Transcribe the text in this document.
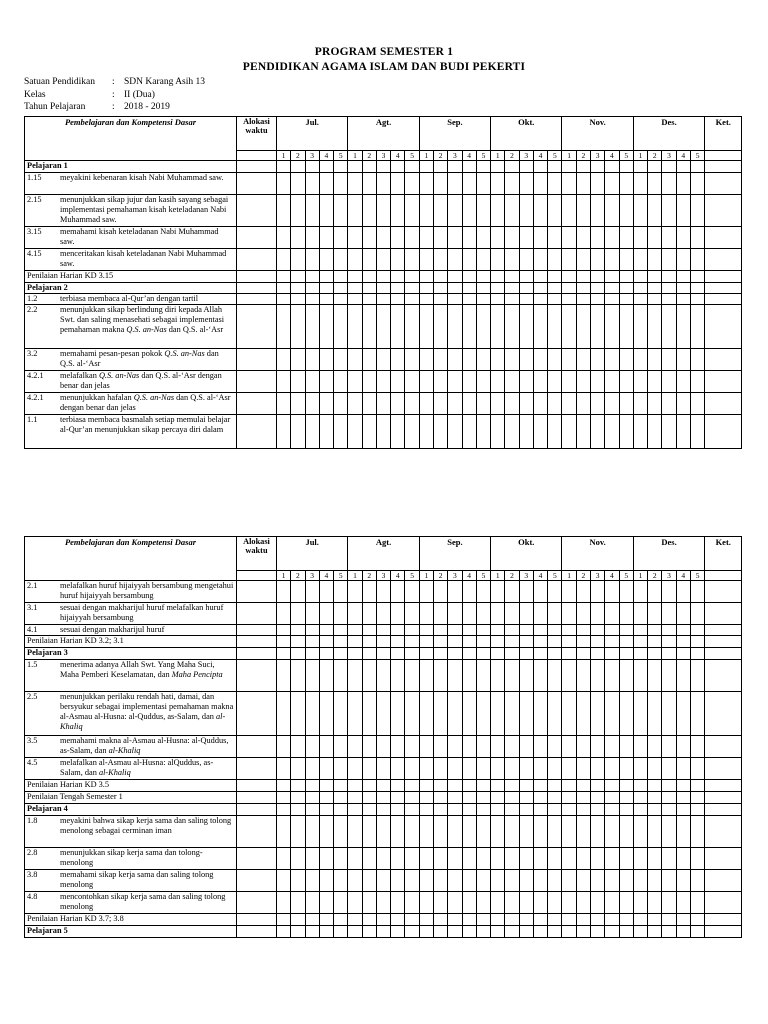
PROGRAM SEMESTER 1
PENDIDIKAN AGAMA ISLAM DAN BUDI PEKERTI
Satuan Pendidikan	: SDN Karang Asih 13
Kelas	: II (Dua)
Tahun Pelajaran	: 2018 - 2019
Pembelajaran dan Kompetensi Dasar	Alokasi waktu	Jul.					Agt.					Sep.					Okt.					Nov.					Des.					Ket.
		1	2	3	4	5	1	2	3	4	5	1	2	3	4	5	1	2	3	4	5	1	2	3	4	5	1	2	3	4	5	
Pelajaran 1																																

1.15 meyakini kebenaran kisah Nabi Muhammad saw.																																

2.15 menunjukkan sikap jujur dan kasih sayang sebagai implementasi pemahaman kisah keteladanan Nabi Muhammad saw.																																

3.15 memahami kisah keteladanan Nabi Muhammad saw.																																

4.15 menceritakan kisah keteladanan Nabi Muhammad saw.																																

Penilaian Harian KD 3.15																																
Pelajaran 2																																

1.2 terbiasa membaca al-Qur’an dengan tartil																																

2.2 menunjukkan sikap berlindung diri kepada Allah Swt. dan saling menasehati sebagai implementasi pemahaman makna Q.S. an-Nas dan Q.S. al-‘Asr																																

3.2 memahami pesan-pesan pokok Q.S. an-Nas dan Q.S. al-‘Asr																																

4.2.1 melafalkan Q.S. an-Nas dan Q.S. al-‘Asr dengan benar dan jelas																																

4.2.1 menunjukkan hafalan Q.S. an-Nas dan Q.S. al-‘Asr dengan benar dan jelas																																

1.1 terbiasa membaca basmalah setiap memulai belajar al-Qur’an menunjukkan sikap percaya diri dalam																																

Pembelajaran dan Kompetensi Dasar	Alokasi waktu	Jul.					Agt.					Sep.					Okt.					Nov.					Des.					Ket.
		1	2	3	4	5	1	2	3	4	5	1	2	3	4	5	1	2	3	4	5	1	2	3	4	5	1	2	3	4	5	

2.1 melafalkan huruf hijaiyyah bersambung mengetahui huruf hijaiyyah bersambung																																

3.1 sesuai dengan makharijul huruf melafalkan huruf hijaiyyah bersambung																																

4.1 sesuai dengan makharijul huruf																																

Penilaian Harian KD 3.2; 3.1																																
Pelajaran 3																																

1.5 menerima adanya Allah Swt. Yang Maha Suci, Maha Pemberi Keselamatan, dan Maha Pencipta																																

2.5 menunjukkan perilaku rendah hati, damai, dan bersyukur sebagai implementasi pemahaman makna al-Asmau al-Husna: al-Quddus, as-Salam, dan al-Khaliq																																

3.5 memahami makna al-Asmau al-Husna: al-Quddus, as-Salam, dan al-Khaliq																																

4.5 melafalkan al-Asmau al-Husna: alQuddus, as-Salam, dan al-Khaliq																																

Penilaian Harian KD 3.5																																
Penilaian Tengah Semester 1																																
Pelajaran 4																																

1.8 meyakini bahwa sikap kerja sama dan saling tolong menolong sebagai cerminan iman																																

2.8 menunjukkan sikap kerja sama dan tolong-menolong																																

3.8 memahami sikap kerja sama dan saling tolong menolong																																

4.8 mencontohkan sikap kerja sama dan saling tolong menolong																																

Penilaian Harian KD 3.7; 3.8																																
Pelajaran 5																																
